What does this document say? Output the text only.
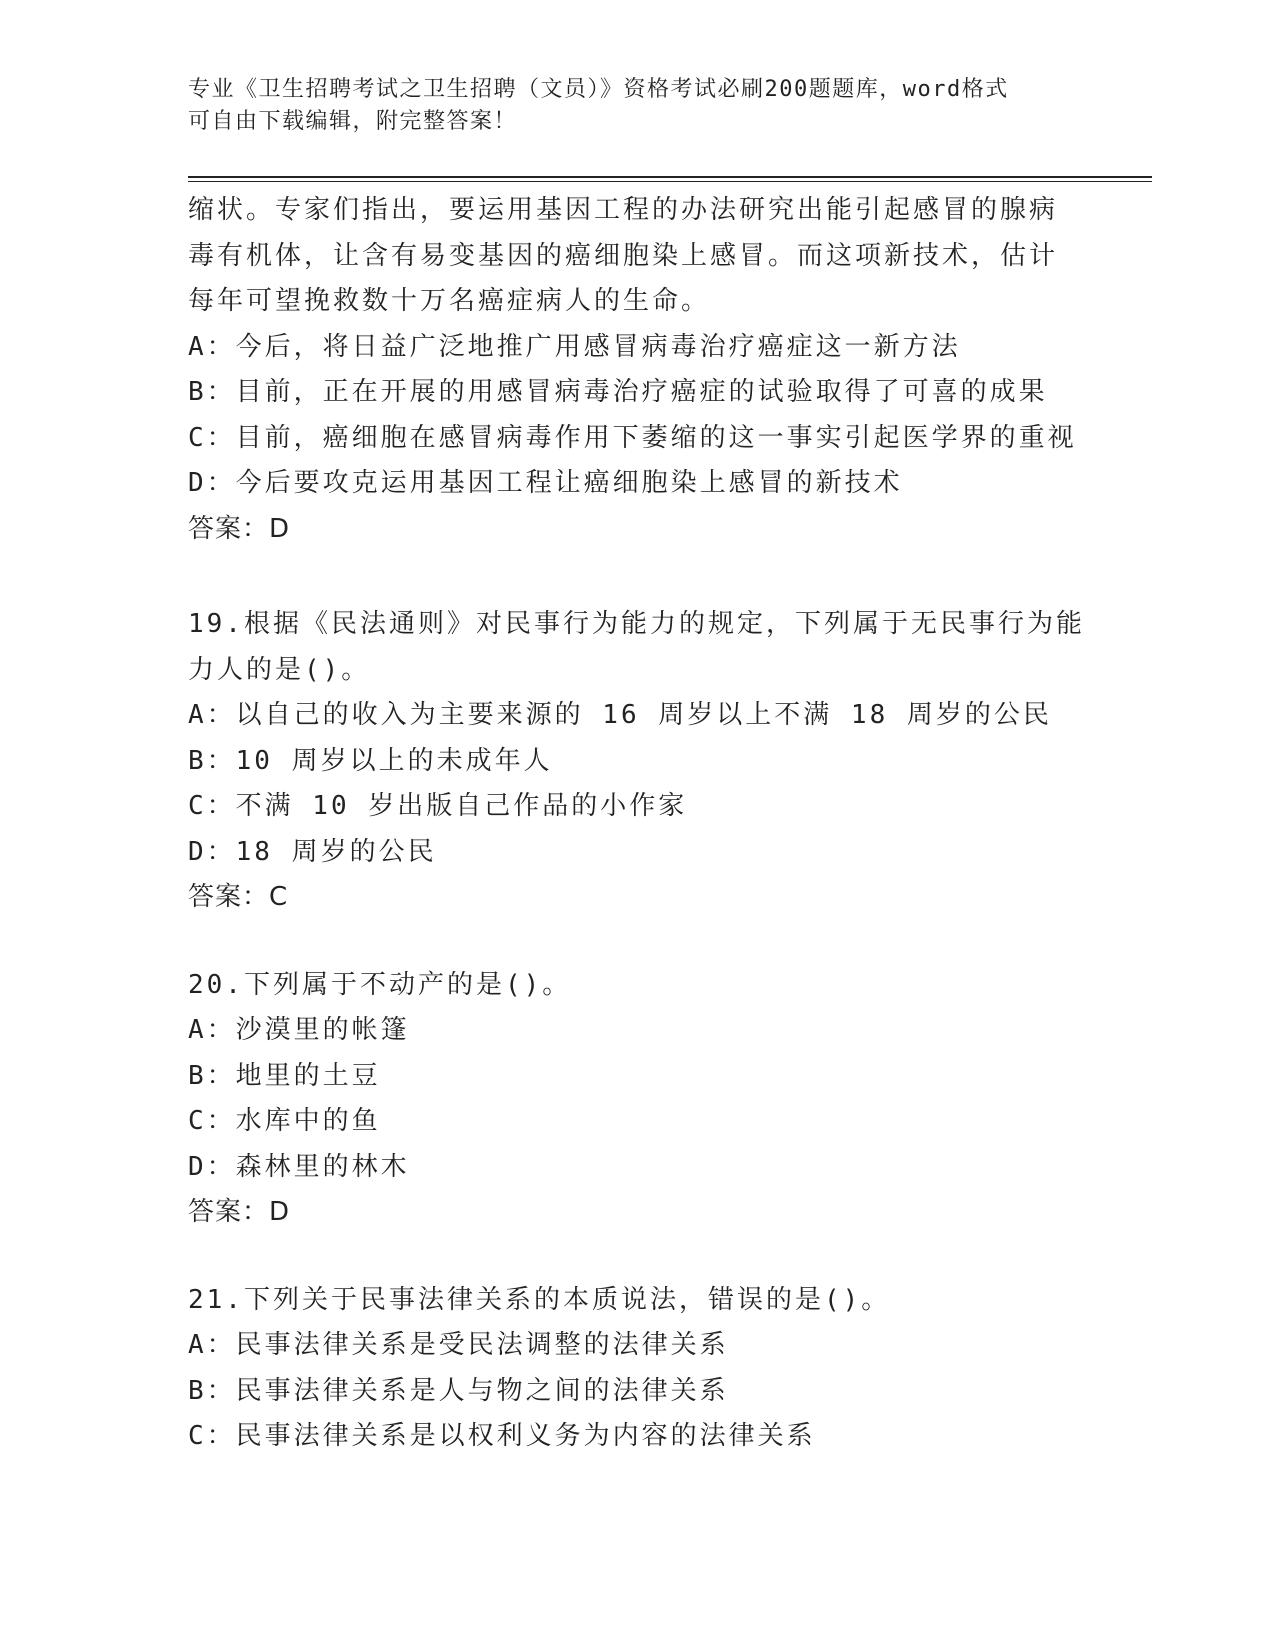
专业《卫生招聘考试之卫生招聘（文员）》资格考试必刷200题题库，word格式
可自由下载编辑，附完整答案！
缩状。专家们指出，要运用基因工程的办法研究出能引起感冒的腺病
毒有机体，让含有易变基因的癌细胞染上感冒。而这项新技术，估计
每年可望挽救数十万名癌症病人的生命。
A：今后，将日益广泛地推广用感冒病毒治疗癌症这一新方法
B：目前，正在开展的用感冒病毒治疗癌症的试验取得了可喜的成果
C：目前，癌细胞在感冒病毒作用下萎缩的这一事实引起医学界的重视
D：今后要攻克运用基因工程让癌细胞染上感冒的新技术
答案：D
19.根据《民法通则》对民事行为能力的规定，下列属于无民事行为能
力人的是()。
A：以自己的收入为主要来源的 16 周岁以上不满 18 周岁的公民
B：10 周岁以上的未成年人
C：不满 10 岁出版自己作品的小作家
D：18 周岁的公民
答案：C
20.下列属于不动产的是()。
A：沙漠里的帐篷
B：地里的土豆
C：水库中的鱼
D：森林里的林木
答案：D
21.下列关于民事法律关系的本质说法，错误的是()。
A：民事法律关系是受民法调整的法律关系
B：民事法律关系是人与物之间的法律关系
C：民事法律关系是以权利义务为内容的法律关系
